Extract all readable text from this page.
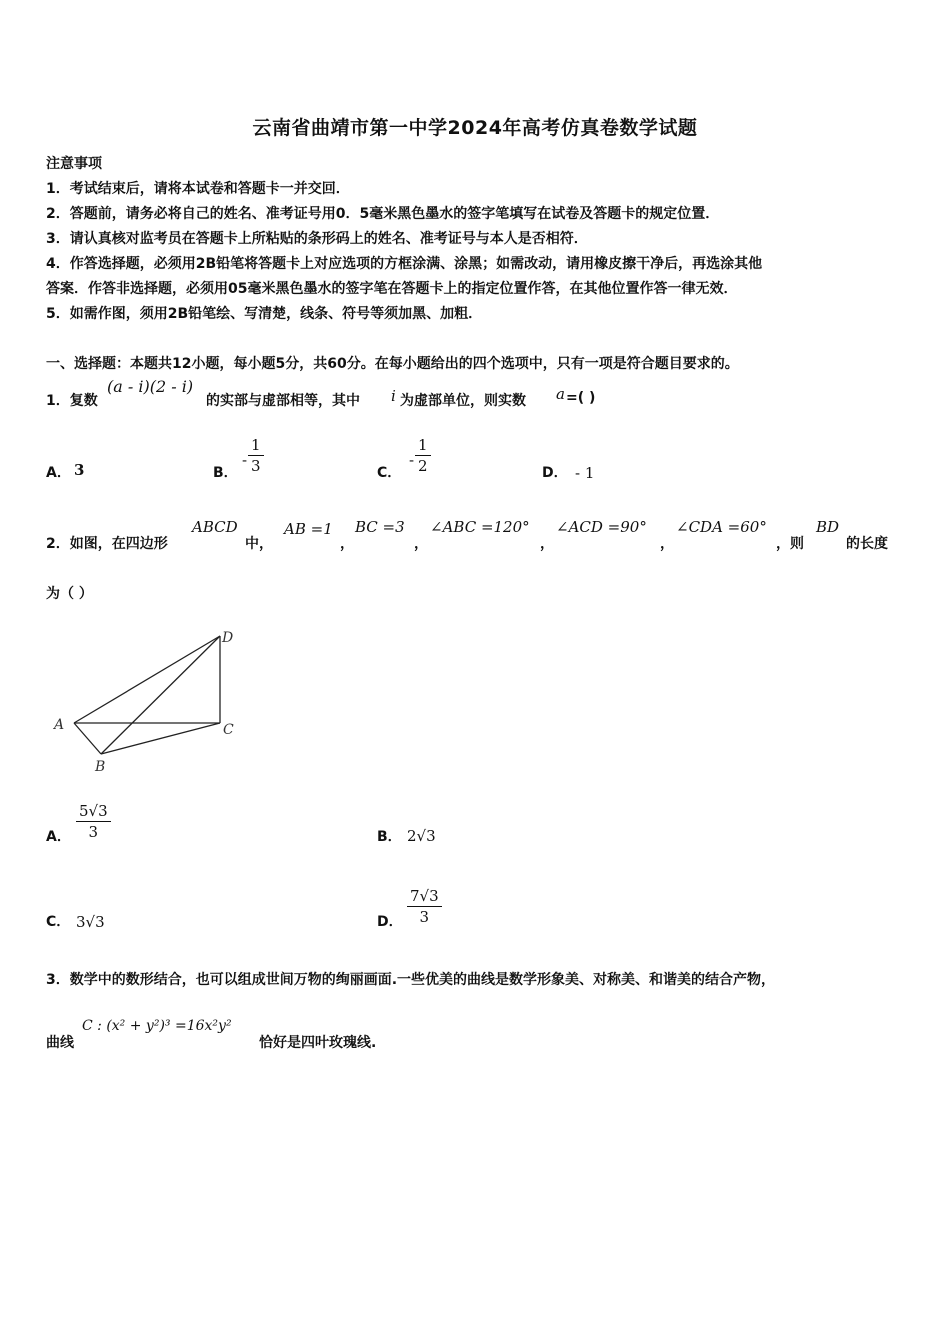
云南省曲靖市第一中学2024年高考仿真卷数学试题
注意事项
1．考试结束后，请将本试卷和答题卡一并交回．
2．答题前，请务必将自己的姓名、准考证号用0．5毫米黑色墨水的签字笔填写在试卷及答题卡的规定位置．
3．请认真核对监考员在答题卡上所粘贴的条形码上的姓名、准考证号与本人是否相符．
4．作答选择题，必须用2B铅笔将答题卡上对应选项的方框涂满、涂黑；如需改动，请用橡皮擦干净后，再选涂其他
答案．作答非选择题，必须用05毫米黑色墨水的签字笔在答题卡上的指定位置作答，在其他位置作答一律无效．
5．如需作图，须用2B铅笔绘、写清楚，线条、符号等须加黑、加粗．
一、选择题：本题共12小题，每小题5分，共60分。在每小题给出的四个选项中，只有一项是符合题目要求的。
1．复数
(a - i)(2 - i)
的实部与虚部相等，其中 i 为虚部单位，则实数 a =( )
A． 3	B．
- $\frac{1}{3}$	C．
- $\frac{1}{2}$	D． - 1
2．如图，在四边形
ABCD
中，
AB =1
，
BC =3
，
∠ABC =120°
，
∠ACD =90°
，
∠CDA =60°
，则
BD
的长度
为（ ）
A
B
C
D
A． $\frac{5√3}{3}$	B． 2√3
C． 3√3	D． $\frac{7√3}{3}$
3．数学中的数形结合，也可以组成世间万物的绚丽画面.一些优美的曲线是数学形象美、对称美、和谐美的结合产物，
曲线
C : (x² + y²)³ =16x²y²
恰好是四叶玫瑰线.
